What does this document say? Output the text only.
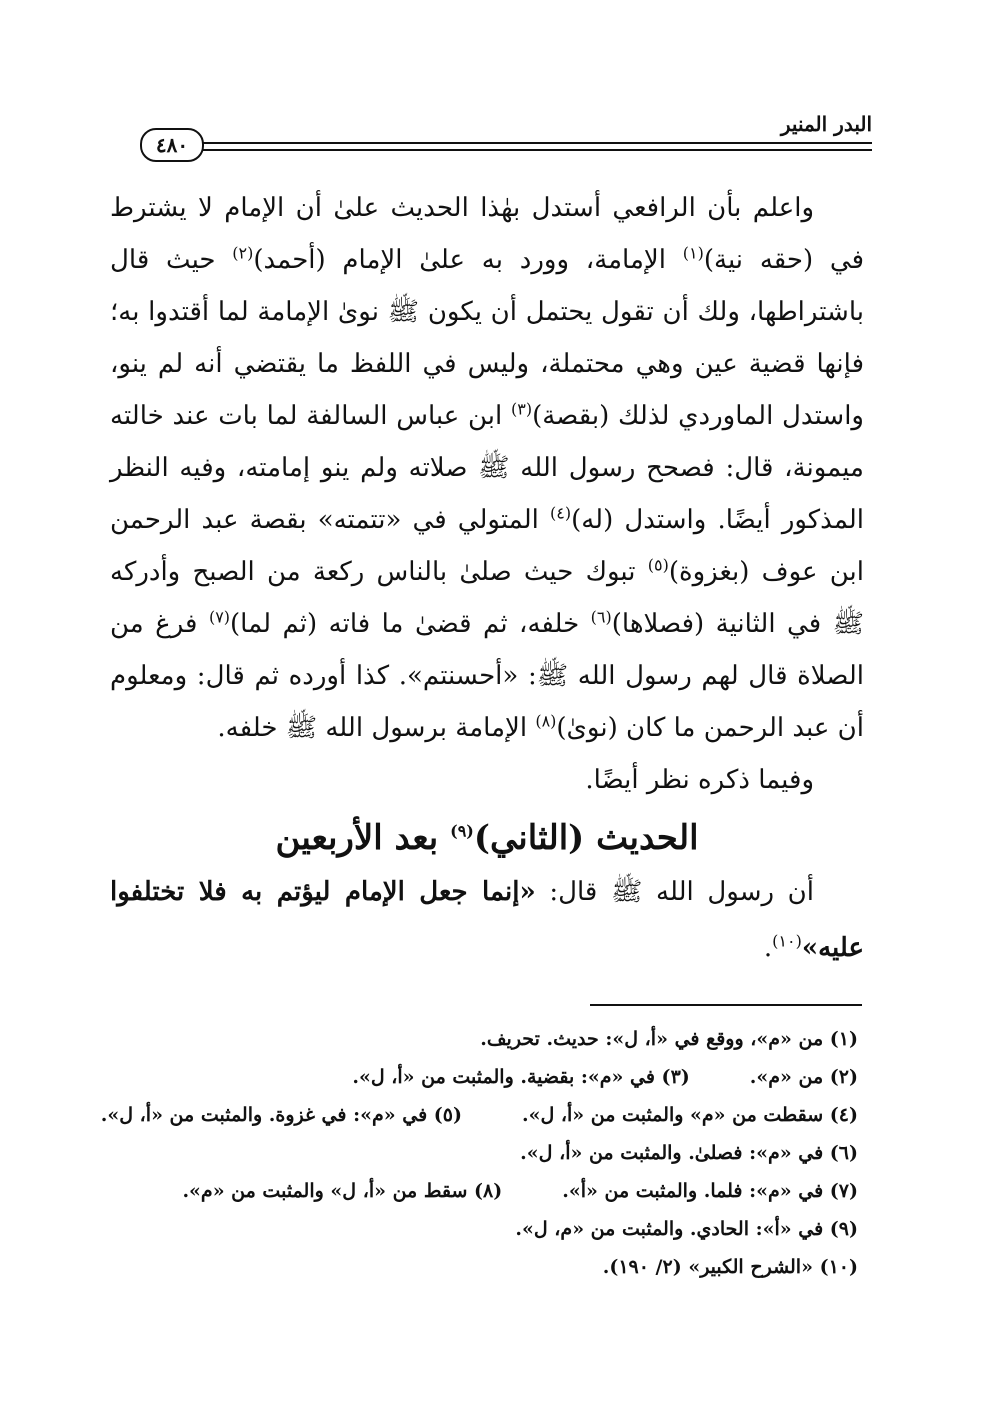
البدر المنير
٤٨٠

واعلم بأن الرافعي أستدل بهٰذا الحديث علىٰ أن الإمام لا يشترط في (حقه نية)$^{(١)}$ الإمامة، وورد به علىٰ الإمام (أحمد)$^{(٢)}$ حيث قال باشتراطها، ولك أن تقول يحتمل أن يكون ﷺ نوىٰ الإمامة لما أقتدوا به؛ فإنها قضية عين وهي محتملة، وليس في اللفظ ما يقتضي أنه لم ينو، واستدل الماوردي لذلك (بقصة)$^{(٣)}$ ابن عباس السالفة لما بات عند خالته ميمونة، قال: فصحح رسول الله ﷺ صلاته ولم ينو إمامته، وفيه النظر المذكور أيضًا. واستدل (له)$^{(٤)}$ المتولي في «تتمته» بقصة عبد الرحمن ابن عوف (بغزوة)$^{(٥)}$ تبوك حيث صلىٰ بالناس ركعة من الصبح وأدركه ﷺ في الثانية (فصلاها)$^{(٦)}$ خلفه، ثم قضىٰ ما فاته (ثم لما)$^{(٧)}$ فرغ من الصلاة قال لهم رسول الله ﷺ: «أحسنتم». كذا أورده ثم قال: ومعلوم أن عبد الرحمن ما كان (نوىٰ)$^{(٨)}$ الإمامة برسول الله ﷺ خلفه.

وفيما ذكره نظر أيضًا.

الحديث (الثاني)$^{(٩)}$ بعد الأربعين

أن رسول الله ﷺ قال: «إنما جعل الإمام ليؤتم به فلا تختلفوا عليه»$^{(١٠)}$.

(١) من «م»، ووقع في «أ، ل»: حديث. تحريف.
(٢) من «م».
(٣) في «م»: بقضية. والمثبت من «أ، ل».
(٤) سقطت من «م» والمثبت من «أ، ل».
(٥) في «م»: في غزوة. والمثبت من «أ، ل».
(٦) في «م»: فصلىٰ. والمثبت من «أ، ل».
(٧) في «م»: فلما. والمثبت من «أ».
(٨) سقط من «أ، ل» والمثبت من «م».
(٩) في «أ»: الحادي. والمثبت من «م، ل».
(١٠) «الشرح الكبير» (٢/ ١٩٠).
